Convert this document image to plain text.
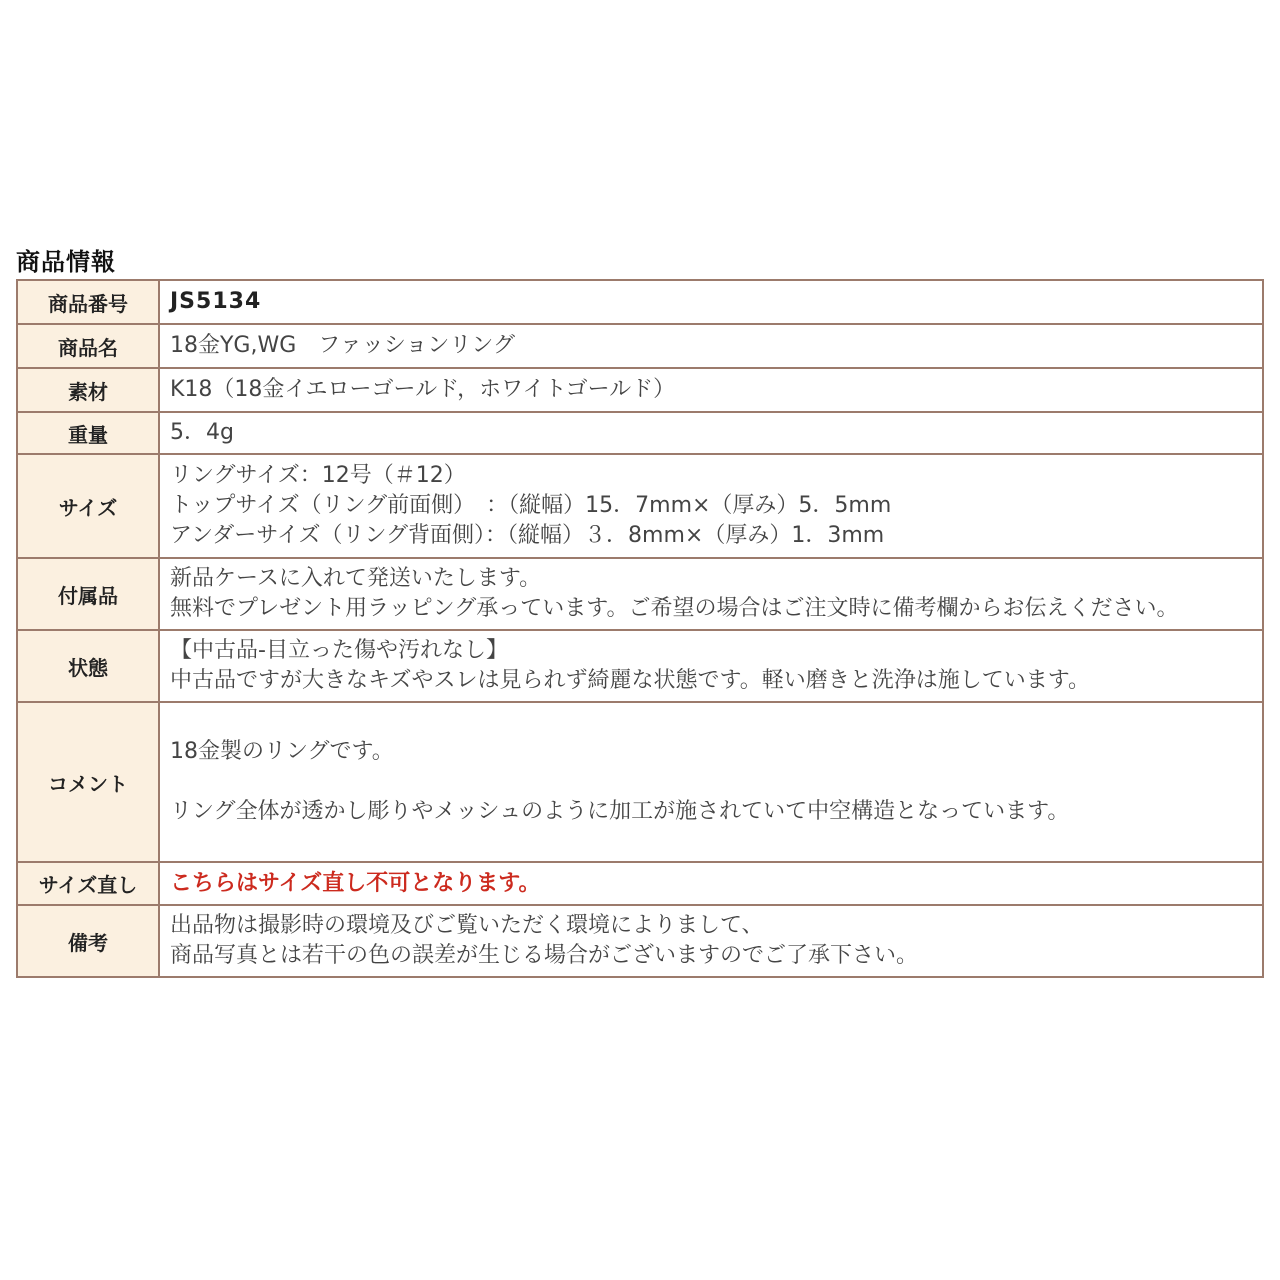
商品情報
商品番号	JS5134
商品名	18金YG,WG　ファッションリング
素材	K18（18金イエローゴールド，ホワイトゴールド）
重量	5．4g
サイズ	リングサイズ：12号（＃12）
トップサイズ（リング前面側）　：（縦幅）15．7mm×（厚み）5．5mm
アンダーサイズ（リング背面側）：（縦幅）３．8mm×（厚み）1．3mm

付属品	新品ケースに入れて発送いたします。
無料でプレゼント用ラッピング承っています。ご希望の場合はご注文時に備考欄からお伝えください。

状態	【中古品-目立った傷や汚れなし】
中古品ですが大きなキズやスレは見られず綺麗な状態です。軽い磨きと洗浄は施しています。

コメント	18金製のリングです。
リング全体が透かし彫りやメッシュのように加工が施されていて中空構造となっています。

サイズ直し	こちらはサイズ直し不可となります。
備考	出品物は撮影時の環境及びご覧いただく環境によりまして、
商品写真とは若干の色の誤差が生じる場合がございますのでご了承下さい。
